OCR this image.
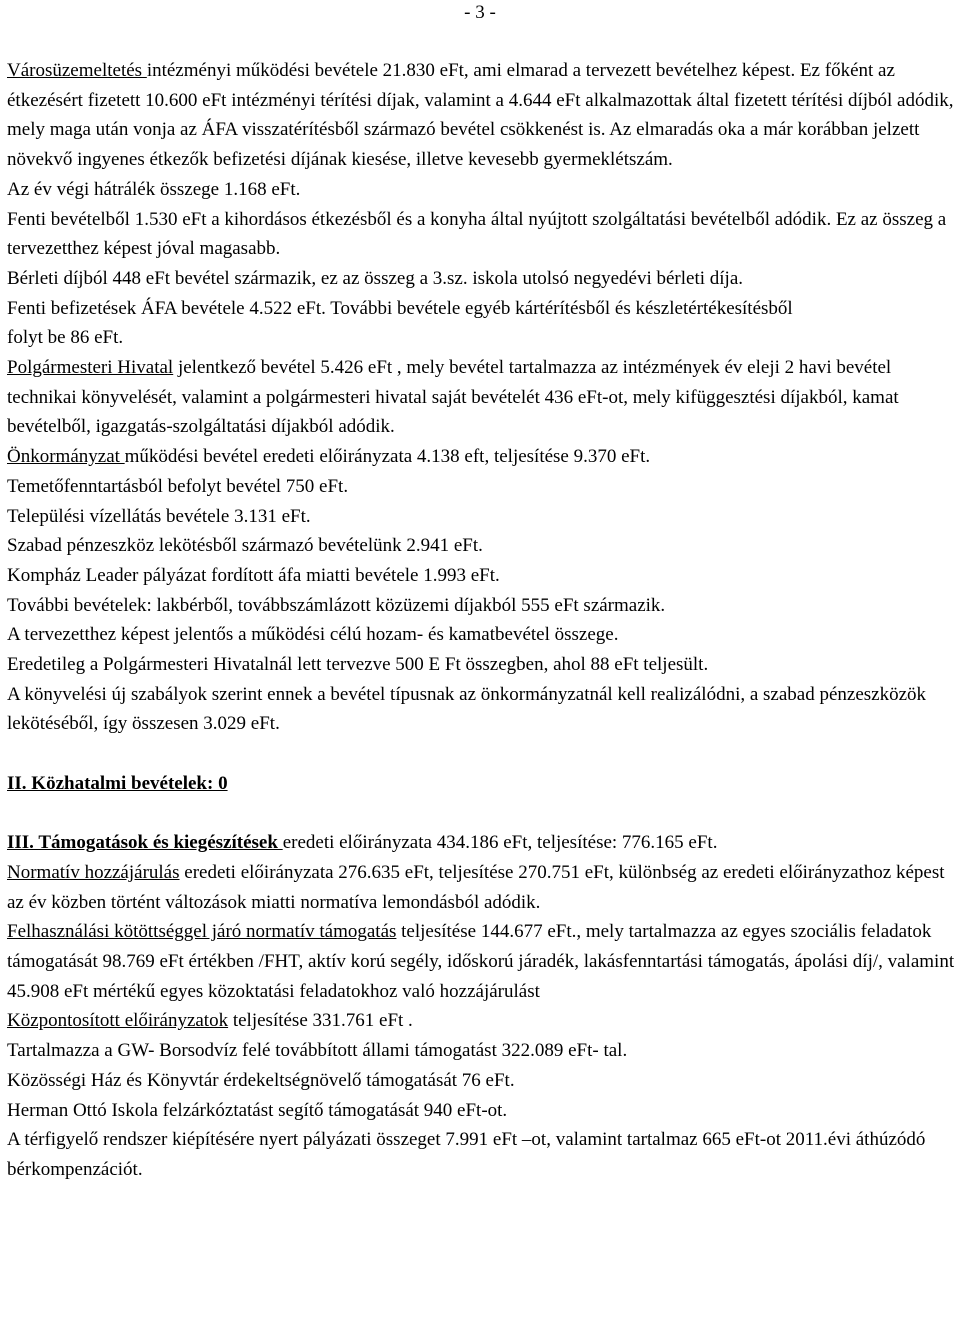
- 3 -

Városüzemeltetés intézményi működési bevétele 21.830 eFt, ami elmarad a tervezett bevételhez képest. Ez főként az étkezésért fizetett 10.600 eFt intézményi térítési díjak, valamint a 4.644 eFt alkalmazottak által fizetett térítési díjból adódik, mely maga után vonja az ÁFA visszatérítésből származó bevétel csökkenést is. Az elmaradás oka a már korábban jelzett növekvő ingyenes étkezők befizetési díjának kiesése, illetve kevesebb gyermeklétszám.

Az év végi hátrálék összege 1.168 eFt.

Fenti bevételből 1.530 eFt a kihordásos étkezésből és a konyha által nyújtott szolgáltatási bevételből adódik. Ez az összeg a tervezetthez képest jóval magasabb.

Bérleti díjból 448 eFt bevétel származik, ez az összeg a 3.sz. iskola utolsó negyedévi bérleti díja.

Fenti befizetések ÁFA bevétele 4.522 eFt. További bevétele egyéb kártérítésből és készletértékesítésből

folyt be 86 eFt.

Polgármesteri Hivatal jelentkező bevétel 5.426 eFt , mely bevétel tartalmazza az intézmények év eleji 2 havi bevétel technikai könyvelését, valamint a polgármesteri hivatal saját bevételét 436 eFt-ot, mely kifüggesztési díjakból, kamat bevételből, igazgatás-szolgáltatási díjakból adódik.

Önkormányzat működési bevétel eredeti előirányzata 4.138 eft, teljesítése 9.370 eFt.

Temetőfenntartásból befolyt bevétel 750 eFt.

Települési vízellátás bevétele 3.131 eFt.

Szabad pénzeszköz lekötésből származó bevételünk 2.941 eFt.

Kompház Leader pályázat fordított áfa miatti bevétele 1.993 eFt.

További bevételek: lakbérből, továbbszámlázott közüzemi díjakból 555 eFt származik.

A tervezetthez képest jelentős a működési célú hozam- és kamatbevétel összege.

Eredetileg a Polgármesteri Hivatalnál lett tervezve 500 E Ft összegben, ahol 88 eFt teljesült.

A könyvelési új szabályok szerint ennek a bevétel típusnak az önkormányzatnál kell realizálódni, a szabad pénzeszközök lekötéséből, így összesen 3.029 eFt.

II. Közhatalmi bevételek: 0

III. Támogatások és kiegészítések eredeti előirányzata 434.186 eFt, teljesítése: 776.165 eFt.

Normatív hozzájárulás eredeti előirányzata 276.635 eFt, teljesítése 270.751 eFt, különbség az eredeti előirányzathoz képest az év közben történt változások miatti normatíva lemondásból adódik.

Felhasználási kötöttséggel járó normatív támogatás teljesítése 144.677 eFt., mely tartalmazza az egyes szociális feladatok támogatását 98.769 eFt értékben /FHT, aktív korú segély, időskorú járadék, lakásfenntartási támogatás, ápolási díj/, valamint 45.908 eFt mértékű egyes közoktatási feladatokhoz való hozzájárulást

Központosított előirányzatok teljesítése 331.761 eFt .

Tartalmazza a GW- Borsodvíz felé továbbított állami támogatást 322.089 eFt- tal.

Közösségi Ház és Könyvtár érdekeltségnövelő támogatását 76 eFt.

Herman Ottó Iskola felzárkóztatást segítő támogatását 940 eFt-ot.

A térfigyelő rendszer kiépítésére nyert pályázati összeget 7.991 eFt –ot, valamint tartalmaz 665 eFt-ot 2011.évi áthúzódó bérkompenzációt.
